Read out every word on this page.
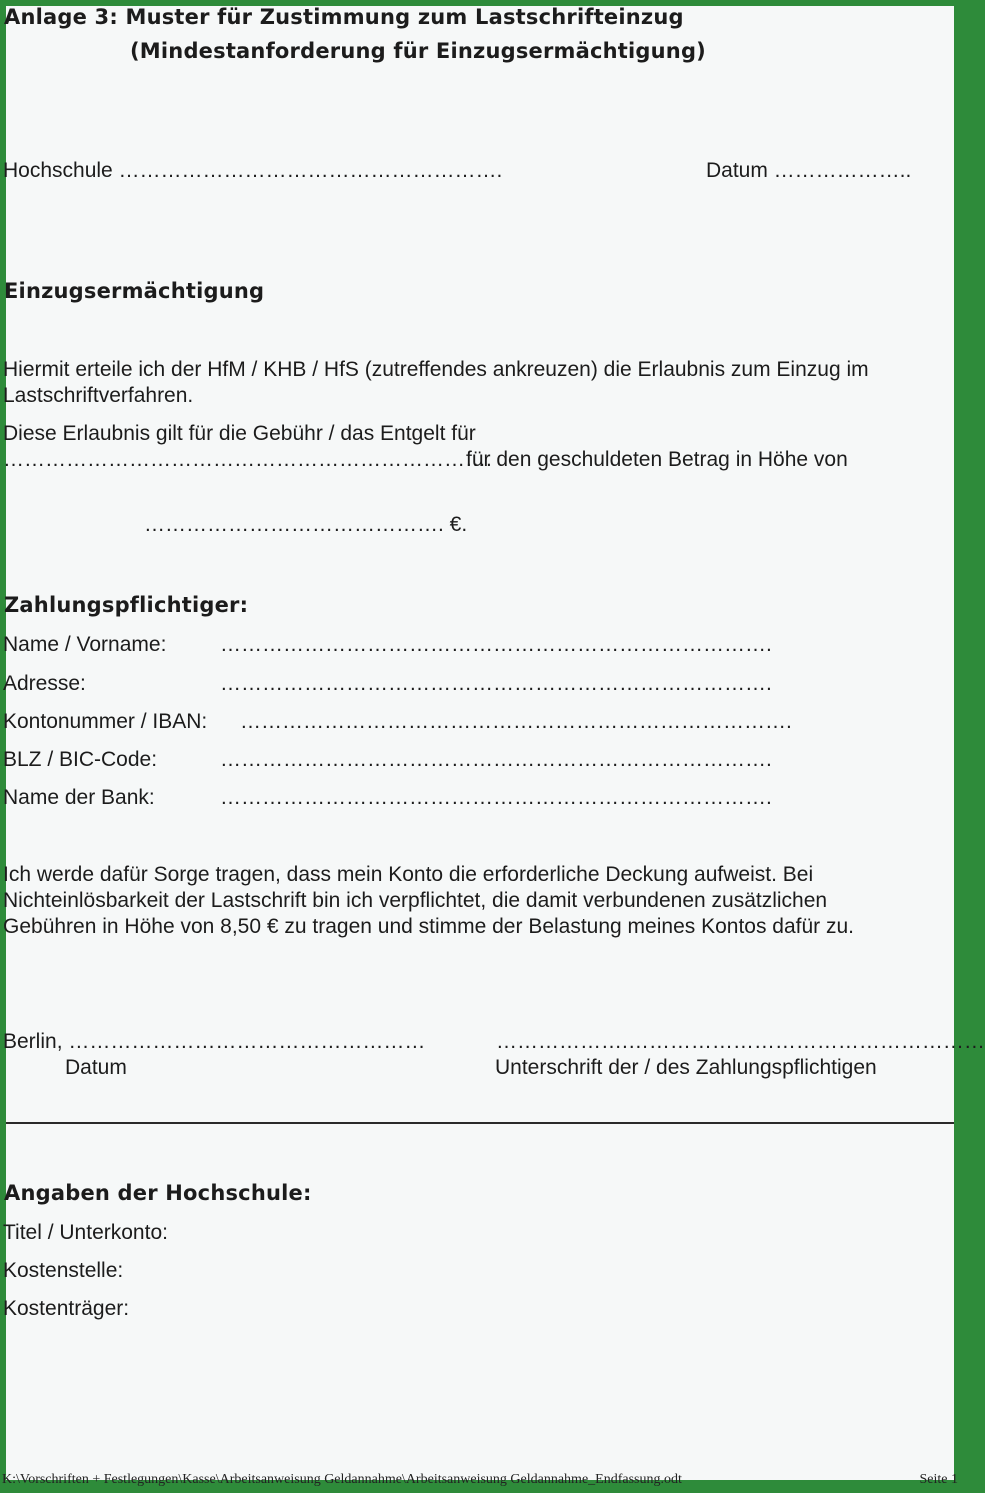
Anlage 3: Muster für Zustimmung zum Lastschrifteinzug
(Mindestanforderung für Einzugsermächtigung)
Hochschule ……………………………………………….	Datum ………………..
Einzugsermächtigung
Hiermit erteile ich der HfM / KHB / HfS (zutreffendes ankreuzen) die Erlaubnis zum Einzug im
Lastschriftverfahren.
Diese Erlaubnis gilt für die Gebühr / das Entgelt für
…………………………………………………………….
für den geschuldeten Betrag in Höhe von
……………………………………. €.
Zahlungspflichtiger:
Name / Vorname:	…………………………………………………………………….
Adresse:	…………………………………………………………………….
Kontonummer / IBAN: …………………………………………………………………….
BLZ / BIC-Code:	…………………………………………………………………….
Name der Bank:	…………………………………………………………………….
Ich werde dafür Sorge tragen, dass mein Konto die erforderliche Deckung aufweist. Bei
Nichteinlösbarkeit der Lastschrift bin ich verpflichtet, die damit verbundenen zusätzlichen
Gebühren in Höhe von 8,50 € zu tragen und stimme der Belastung meines Kontos dafür zu.
Berlin, ……………………………………………
Datum
……………….……………………………………………
Unterschrift der / des Zahlungspflichtigen
Angaben der Hochschule:
Titel / Unterkonto:
Kostenstelle:
Kostenträger:
K:\Vorschriften + Festlegungen\Kasse\Arbeitsanweisung Geldannahme\Arbeitsanweisung Geldannahme_Endfassung.odt	Seite 1
